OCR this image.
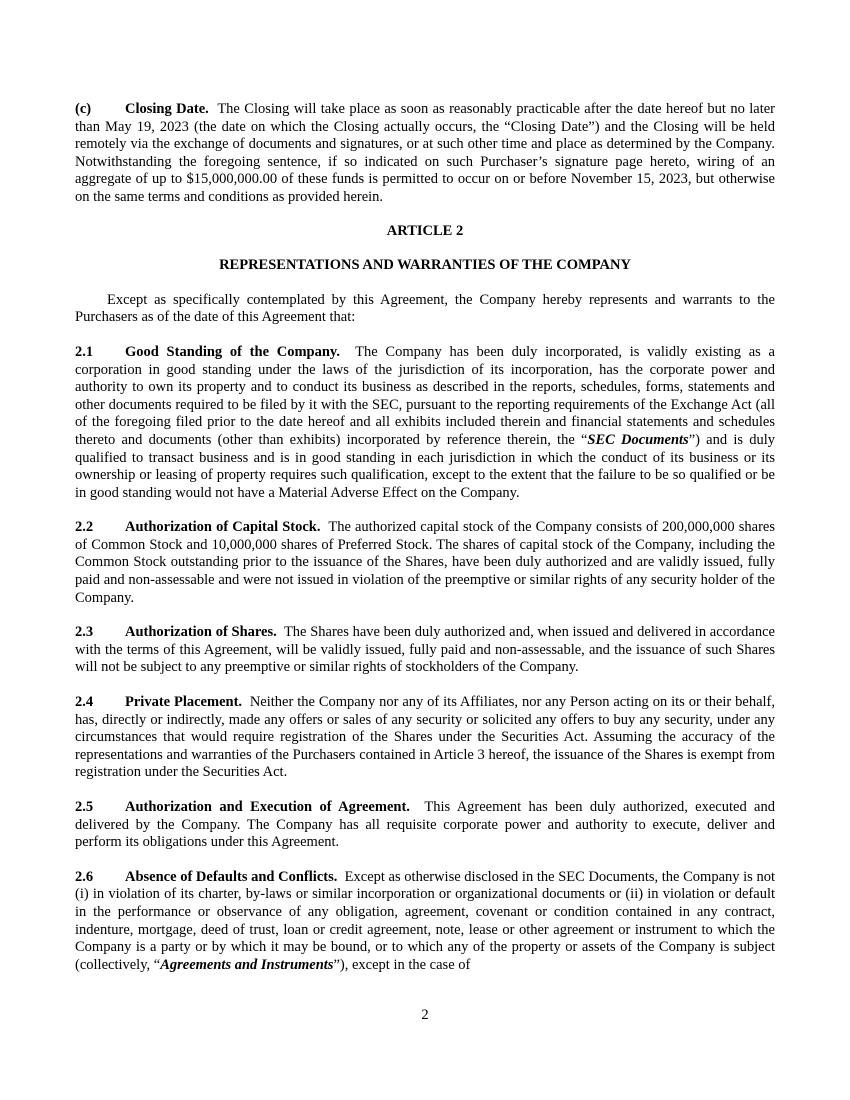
(c) Closing Date. The Closing will take place as soon as reasonably practicable after the date hereof but no later than May 19, 2023 (the date on which the Closing actually occurs, the “Closing Date”) and the Closing will be held remotely via the exchange of documents and signatures, or at such other time and place as determined by the Company. Notwithstanding the foregoing sentence, if so indicated on such Purchaser’s signature page hereto, wiring of an aggregate of up to $15,000,000.00 of these funds is permitted to occur on or before November 15, 2023, but otherwise on the same terms and conditions as provided herein.

ARTICLE 2

REPRESENTATIONS AND WARRANTIES OF THE COMPANY

Except as specifically contemplated by this Agreement, the Company hereby represents and warrants to the Purchasers as of the date of this Agreement that:

2.1 Good Standing of the Company. The Company has been duly incorporated, is validly existing as a corporation in good standing under the laws of the jurisdiction of its incorporation, has the corporate power and authority to own its property and to conduct its business as described in the reports, schedules, forms, statements and other documents required to be filed by it with the SEC, pursuant to the reporting requirements of the Exchange Act (all of the foregoing filed prior to the date hereof and all exhibits included therein and financial statements and schedules thereto and documents (other than exhibits) incorporated by reference therein, the “SEC Documents”) and is duly qualified to transact business and is in good standing in each jurisdiction in which the conduct of its business or its ownership or leasing of property requires such qualification, except to the extent that the failure to be so qualified or be in good standing would not have a Material Adverse Effect on the Company.

2.2 Authorization of Capital Stock. The authorized capital stock of the Company consists of 200,000,000 shares of Common Stock and 10,000,000 shares of Preferred Stock. The shares of capital stock of the Company, including the Common Stock outstanding prior to the issuance of the Shares, have been duly authorized and are validly issued, fully paid and non-assessable and were not issued in violation of the preemptive or similar rights of any security holder of the Company.

2.3 Authorization of Shares. The Shares have been duly authorized and, when issued and delivered in accordance with the terms of this Agreement, will be validly issued, fully paid and non-assessable, and the issuance of such Shares will not be subject to any preemptive or similar rights of stockholders of the Company.

2.4 Private Placement. Neither the Company nor any of its Affiliates, nor any Person acting on its or their behalf, has, directly or indirectly, made any offers or sales of any security or solicited any offers to buy any security, under any circumstances that would require registration of the Shares under the Securities Act. Assuming the accuracy of the representations and warranties of the Purchasers contained in Article 3 hereof, the issuance of the Shares is exempt from registration under the Securities Act.

2.5 Authorization and Execution of Agreement. This Agreement has been duly authorized, executed and delivered by the Company. The Company has all requisite corporate power and authority to execute, deliver and perform its obligations under this Agreement.

2.6 Absence of Defaults and Conflicts. Except as otherwise disclosed in the SEC Documents, the Company is not (i) in violation of its charter, by-laws or similar incorporation or organizational documents or (ii) in violation or default in the performance or observance of any obligation, agreement, covenant or condition contained in any contract, indenture, mortgage, deed of trust, loan or credit agreement, note, lease or other agreement or instrument to which the Company is a party or by which it may be bound, or to which any of the property or assets of the Company is subject (collectively, “Agreements and Instruments”), except in the case of

2
